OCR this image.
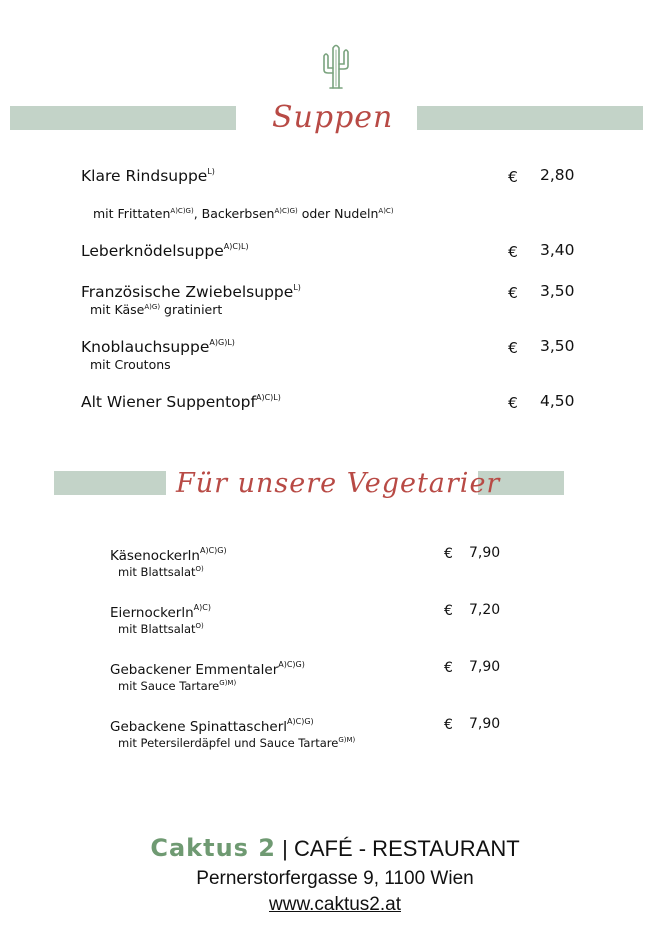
Suppen
Klare Rindsuppe$^{L)}$	€ 2,80
mit Frittaten$^{A)C)G)}$, Backerbsen$^{A)C)G)}$ oder Nudeln$^{A)C)}$
Leberknödelsuppe$^{A)C)L)}$	€ 3,40
Französische Zwiebelsuppe$^{L)}$	€ 3,50
mit Käse$^{A)G)}$ gratiniert
Knoblauchsuppe$^{A)G)L)}$	€ 3,50
mit Croutons
Alt Wiener Suppentopf$^{A)C)L)}$	€ 4,50
Für unsere Vegetarier
Käsenockerln$^{A)C)G)}$	€ 7,90
mit Blattsalat$^{O)}$
Eiernockerln$^{A)C)}$	€ 7,20
mit Blattsalat$^{O)}$
Gebackener Emmentaler$^{A)C)G)}$	€ 7,90
mit Sauce Tartare$^{G)M)}$
Gebackene Spinattascherl$^{A)C)G)}$	€ 7,90
mit Petersilerdäpfel und Sauce Tartare$^{G)M)}$
Caktus 2 | CAFÉ - RESTAURANT
Pernerstorfergasse 9, 1100 Wien
www.caktus2.at
